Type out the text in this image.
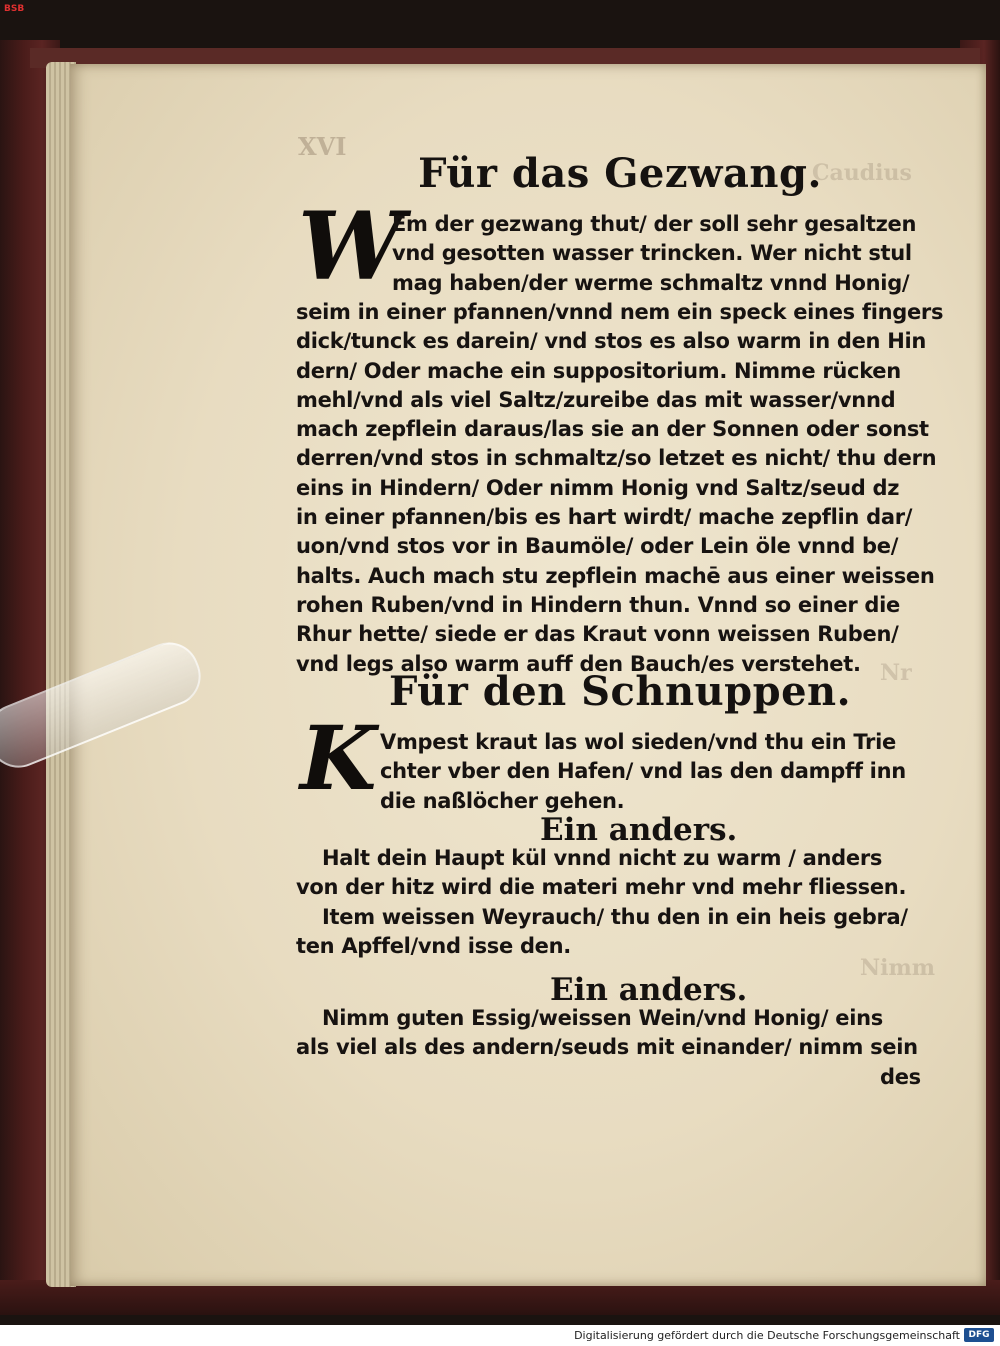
Caudius
Nr
Nimm
XVI
Für das Gezwang.
W
Em der gezwang thut/ der soll sehr gesaltzen
vnd gesotten wasser trincken. Wer nicht stul
mag haben/der werme schmaltz vnnd Honig/
seim in einer pfannen/vnnd nem ein speck eines fingers
dick/tunck es darein/ vnd stos es also warm in den Hin
dern/ Oder mache ein suppositorium. Nimme rücken
mehl/vnd als viel Saltz/zureibe das mit wasser/vnnd
mach zepflein daraus/las sie an der Sonnen oder sonst
derren/vnd stos in schmaltz/so letzet es nicht/ thu dern
eins in Hindern/ Oder nimm Honig vnd Saltz/seud dz
in einer pfannen/bis es hart wirdt/ mache zepflin dar/
uon/vnd stos vor in Baumöle/ oder Lein öle vnnd be/
halts. Auch mach stu zepflein machē aus einer weissen
rohen Ruben/vnd in Hindern thun. Vnnd so einer die
Rhur hette/ siede er das Kraut vonn weissen Ruben/
vnd legs also warm auff den Bauch/es verstehet.
Für den Schnuppen.
K Vmpest kraut las wol sieden/vnd thu ein Trie
chter vber den Hafen/ vnd las den dampff inn
die naßlöcher gehen.
Ein anders.
Halt dein Haupt kül vnnd nicht zu warm / anders
von der hitz wird die materi mehr vnd mehr fliessen.
Item weissen Weyrauch/ thu den in ein heis gebra/
ten Apffel/vnd isse den.
Ein anders.
Nimm guten Essig/weissen Wein/vnd Honig/ eins
als viel als des andern/seuds mit einander/ nimm sein
des
BSB
Digitalisierung gefördert durch die Deutsche Forschungsgemeinschaft DFG
